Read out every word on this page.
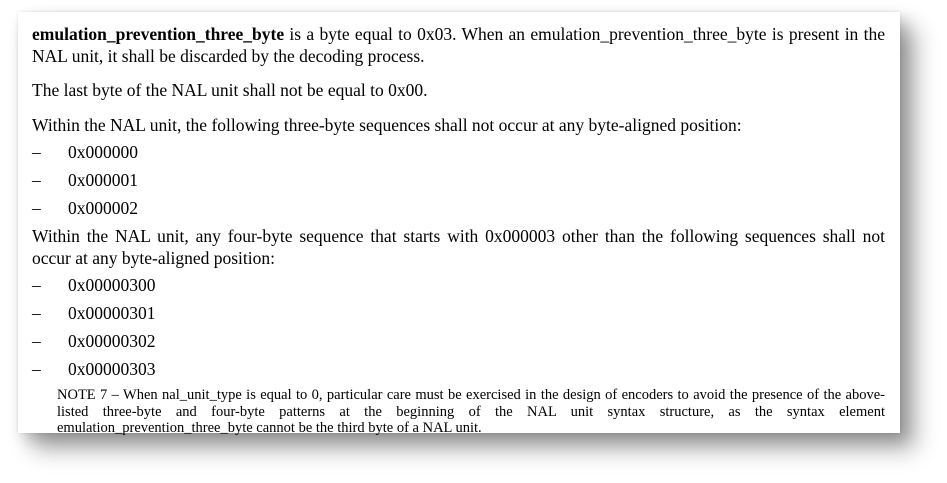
emulation_prevention_three_byte is a byte equal to 0x03. When an emulation_prevention_three_byte is present in the NAL unit, it shall be discarded by the decoding process.

The last byte of the NAL unit shall not be equal to 0x00.

Within the NAL unit, the following three-byte sequences shall not occur at any byte-aligned position:

–	0x000000
–	0x000001
–	0x000002

Within the NAL unit, any four-byte sequence that starts with 0x000003 other than the following sequences shall not occur at any byte-aligned position:

–	0x00000300
–	0x00000301
–	0x00000302
–	0x00000303

NOTE 7 – When nal_unit_type is equal to 0, particular care must be exercised in the design of encoders to avoid the presence of the above-listed three-byte and four-byte patterns at the beginning of the NAL unit syntax structure, as the syntax element emulation_prevention_three_byte cannot be the third byte of a NAL unit.
